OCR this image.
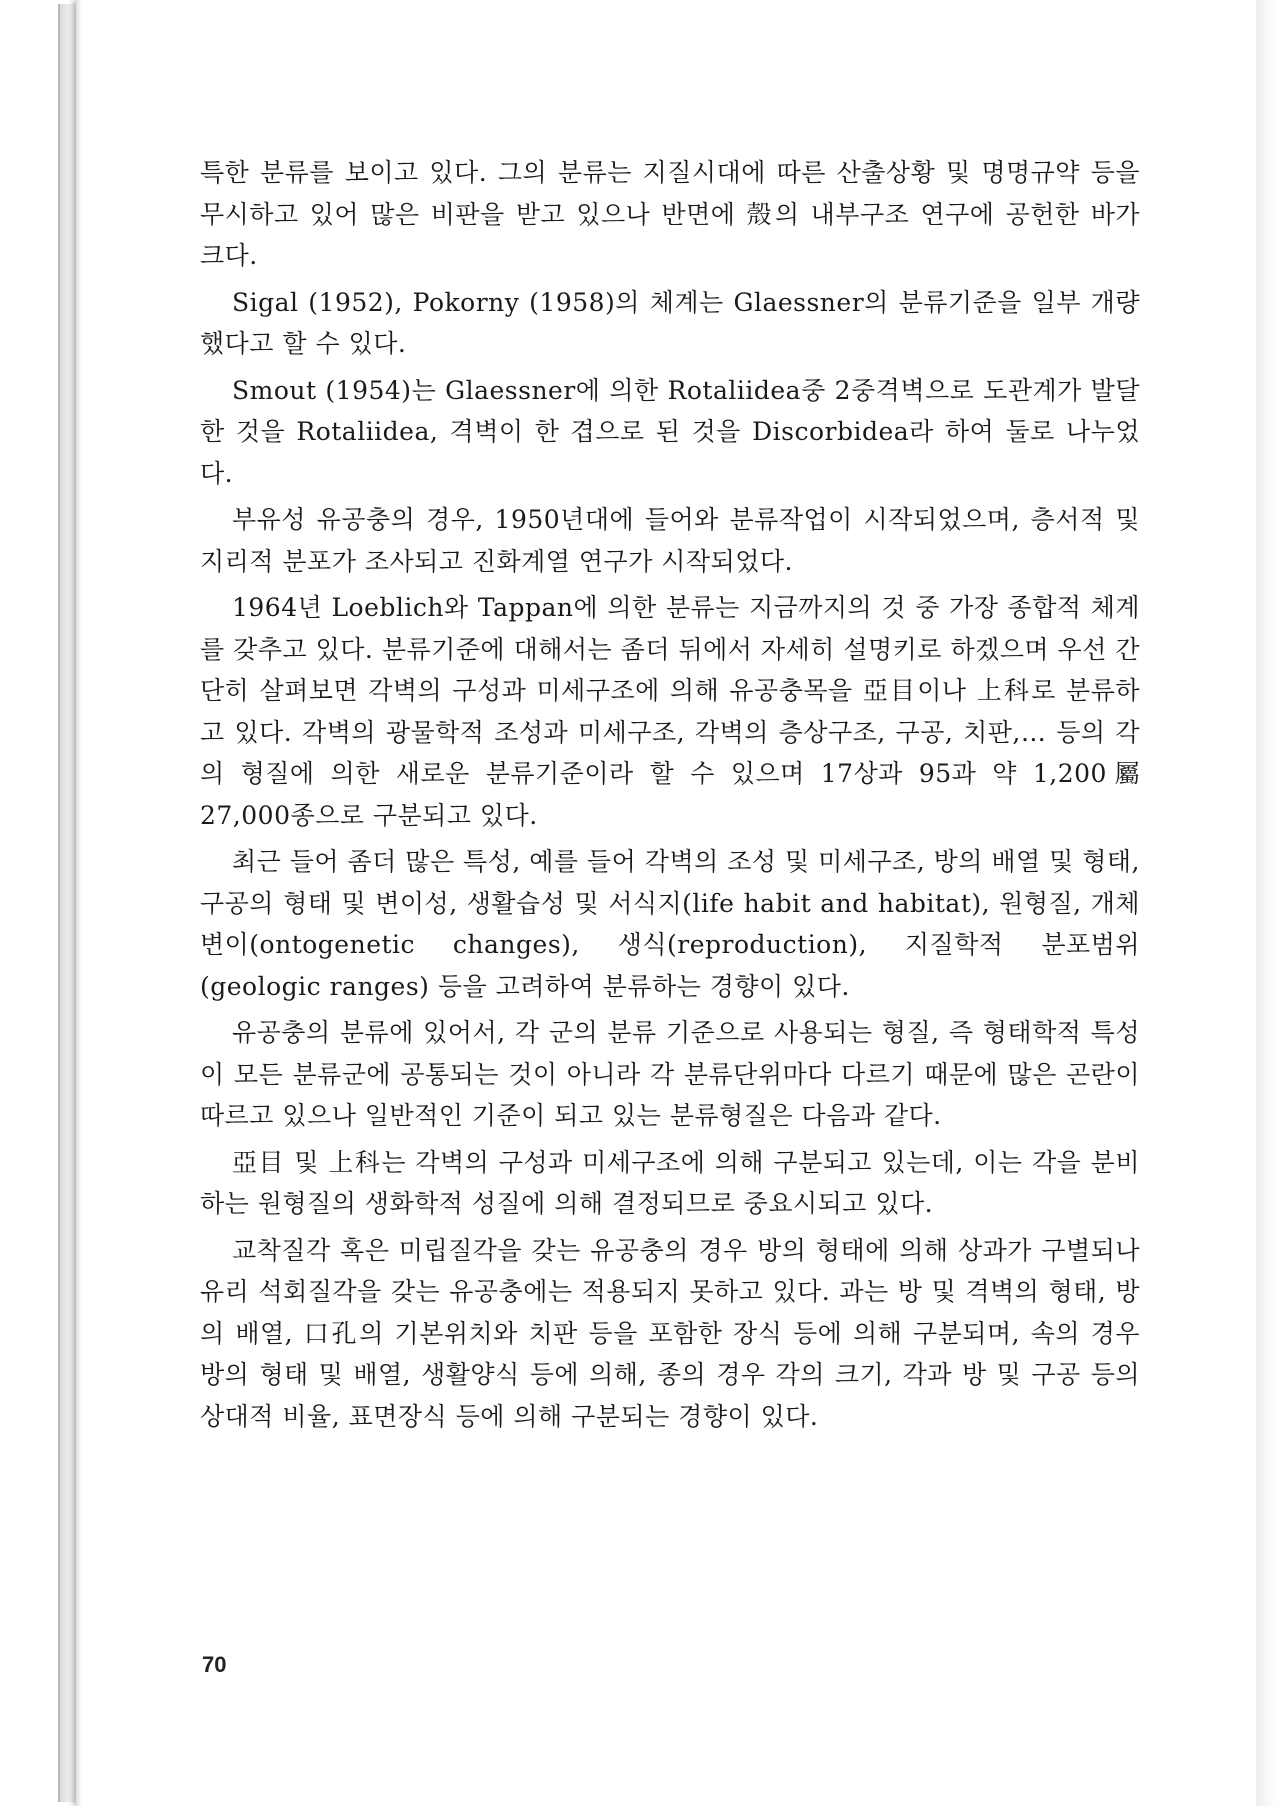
특한 분류를 보이고 있다. 그의 분류는 지질시대에 따른 산출상황 및 명명규약 등을 무시하고 있어 많은 비판을 받고 있으나 반면에 殼의 내부구조 연구에 공헌한 바가 크다.

Sigal (1952), Pokorny (1958)의 체계는 Glaessner의 분류기준을 일부 개량했다고 할 수 있다.

Smout (1954)는 Glaessner에 의한 Rotaliidea중 2중격벽으로 도관계가 발달한 것을 Rotaliidea, 격벽이 한 겹으로 된 것을 Discorbidea라 하여 둘로 나누었다.

부유성 유공충의 경우, 1950년대에 들어와 분류작업이 시작되었으며, 층서적 및 지리적 분포가 조사되고 진화계열 연구가 시작되었다.

1964년 Loeblich와 Tappan에 의한 분류는 지금까지의 것 중 가장 종합적 체계를 갖추고 있다. 분류기준에 대해서는 좀더 뒤에서 자세히 설명키로 하겠으며 우선 간단히 살펴보면 각벽의 구성과 미세구조에 의해 유공충목을 亞目이나 上科로 분류하고 있다. 각벽의 광물학적 조성과 미세구조, 각벽의 층상구조, 구공, 치판,… 등의 각의 형질에 의한 새로운 분류기준이라 할 수 있으며 17상과 95과 약 1,200屬 27,000종으로 구분되고 있다.

최근 들어 좀더 많은 특성, 예를 들어 각벽의 조성 및 미세구조, 방의 배열 및 형태, 구공의 형태 및 변이성, 생활습성 및 서식지(life habit and habitat), 원형질, 개체변이(ontogenetic changes), 생식(reproduction), 지질학적 분포범위(geologic ranges) 등을 고려하여 분류하는 경향이 있다.

유공충의 분류에 있어서, 각 군의 분류 기준으로 사용되는 형질, 즉 형태학적 특성이 모든 분류군에 공통되는 것이 아니라 각 분류단위마다 다르기 때문에 많은 곤란이 따르고 있으나 일반적인 기준이 되고 있는 분류형질은 다음과 같다.

亞目 및 上科는 각벽의 구성과 미세구조에 의해 구분되고 있는데, 이는 각을 분비하는 원형질의 생화학적 성질에 의해 결정되므로 중요시되고 있다.

교착질각 혹은 미립질각을 갖는 유공충의 경우 방의 형태에 의해 상과가 구별되나 유리 석회질각을 갖는 유공충에는 적용되지 못하고 있다. 과는 방 및 격벽의 형태, 방의 배열, 口孔의 기본위치와 치판 등을 포함한 장식 등에 의해 구분되며, 속의 경우 방의 형태 및 배열, 생활양식 등에 의해, 종의 경우 각의 크기, 각과 방 및 구공 등의 상대적 비율, 표면장식 등에 의해 구분되는 경향이 있다.

70
